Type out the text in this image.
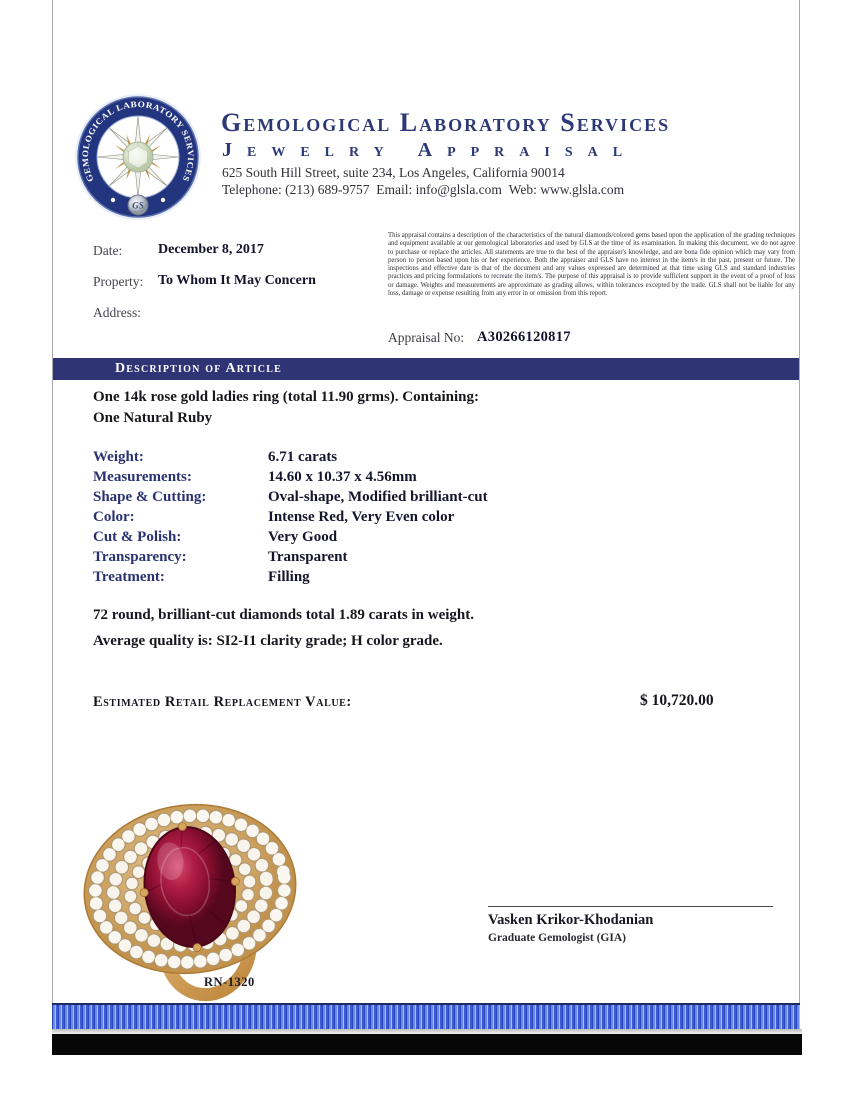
GEMOLOGICAL LABORATORY SERVICES
GS
Gemological Laboratory Services
Jewelry Appraisal
625 South Hill Street, suite 234, Los Angeles, California 90014
Telephone: (213) 689-9757  Email: info@glsla.com  Web: www.glsla.com
Date:	December 8, 2017
Property: To Whom It May Concern
Address:
This appraisal contains a description of the characteristics of the natural diamonds/colored gems based upon the application of the grading techniques and equipment available at our gemological laboratories and used by GLS at the time of its examination. In making this document, we do not agree to purchase or replace the articles. All statements are true to the best of the appraiser's knowledge, and are bona fide opinion which may vary from person to person based upon his or her experience. Both the appraiser and GLS have no interest in the item/s in the past, present or future. The inspections and effective date is that of the document and any values expressed are determined at that time using GLS and standard industries practices and pricing formulations to recreate the item/s. The purpose of this appraisal is to provide sufficient support in the event of a proof of loss or damage. Weights and measurements are approximate as grading allows, within tolerances excepted by the trade. GLS shall not be liable for any loss, damage or expense resulting from any error in or omission from this report.
Appraisal No: A30266120817
Description of Article
One 14k rose gold ladies ring (total 11.90 grms). Containing:
One Natural Ruby
Weight:	6.71 carats
Measurements:	14.60 x 10.37 x 4.56mm
Shape & Cutting:	Oval-shape, Modified brilliant-cut
Color:	Intense Red, Very Even color
Cut & Polish:	Very Good
Transparency:	Transparent
Treatment:	Filling
72 round, brilliant-cut diamonds total 1.89 carats in weight.
Average quality is: SI2-I1 clarity grade; H color grade.
Estimated Retail Replacement Value:	$ 10,720.00
RN-1320
Vasken Krikor-Khodanian
Graduate Gemologist (GIA)
